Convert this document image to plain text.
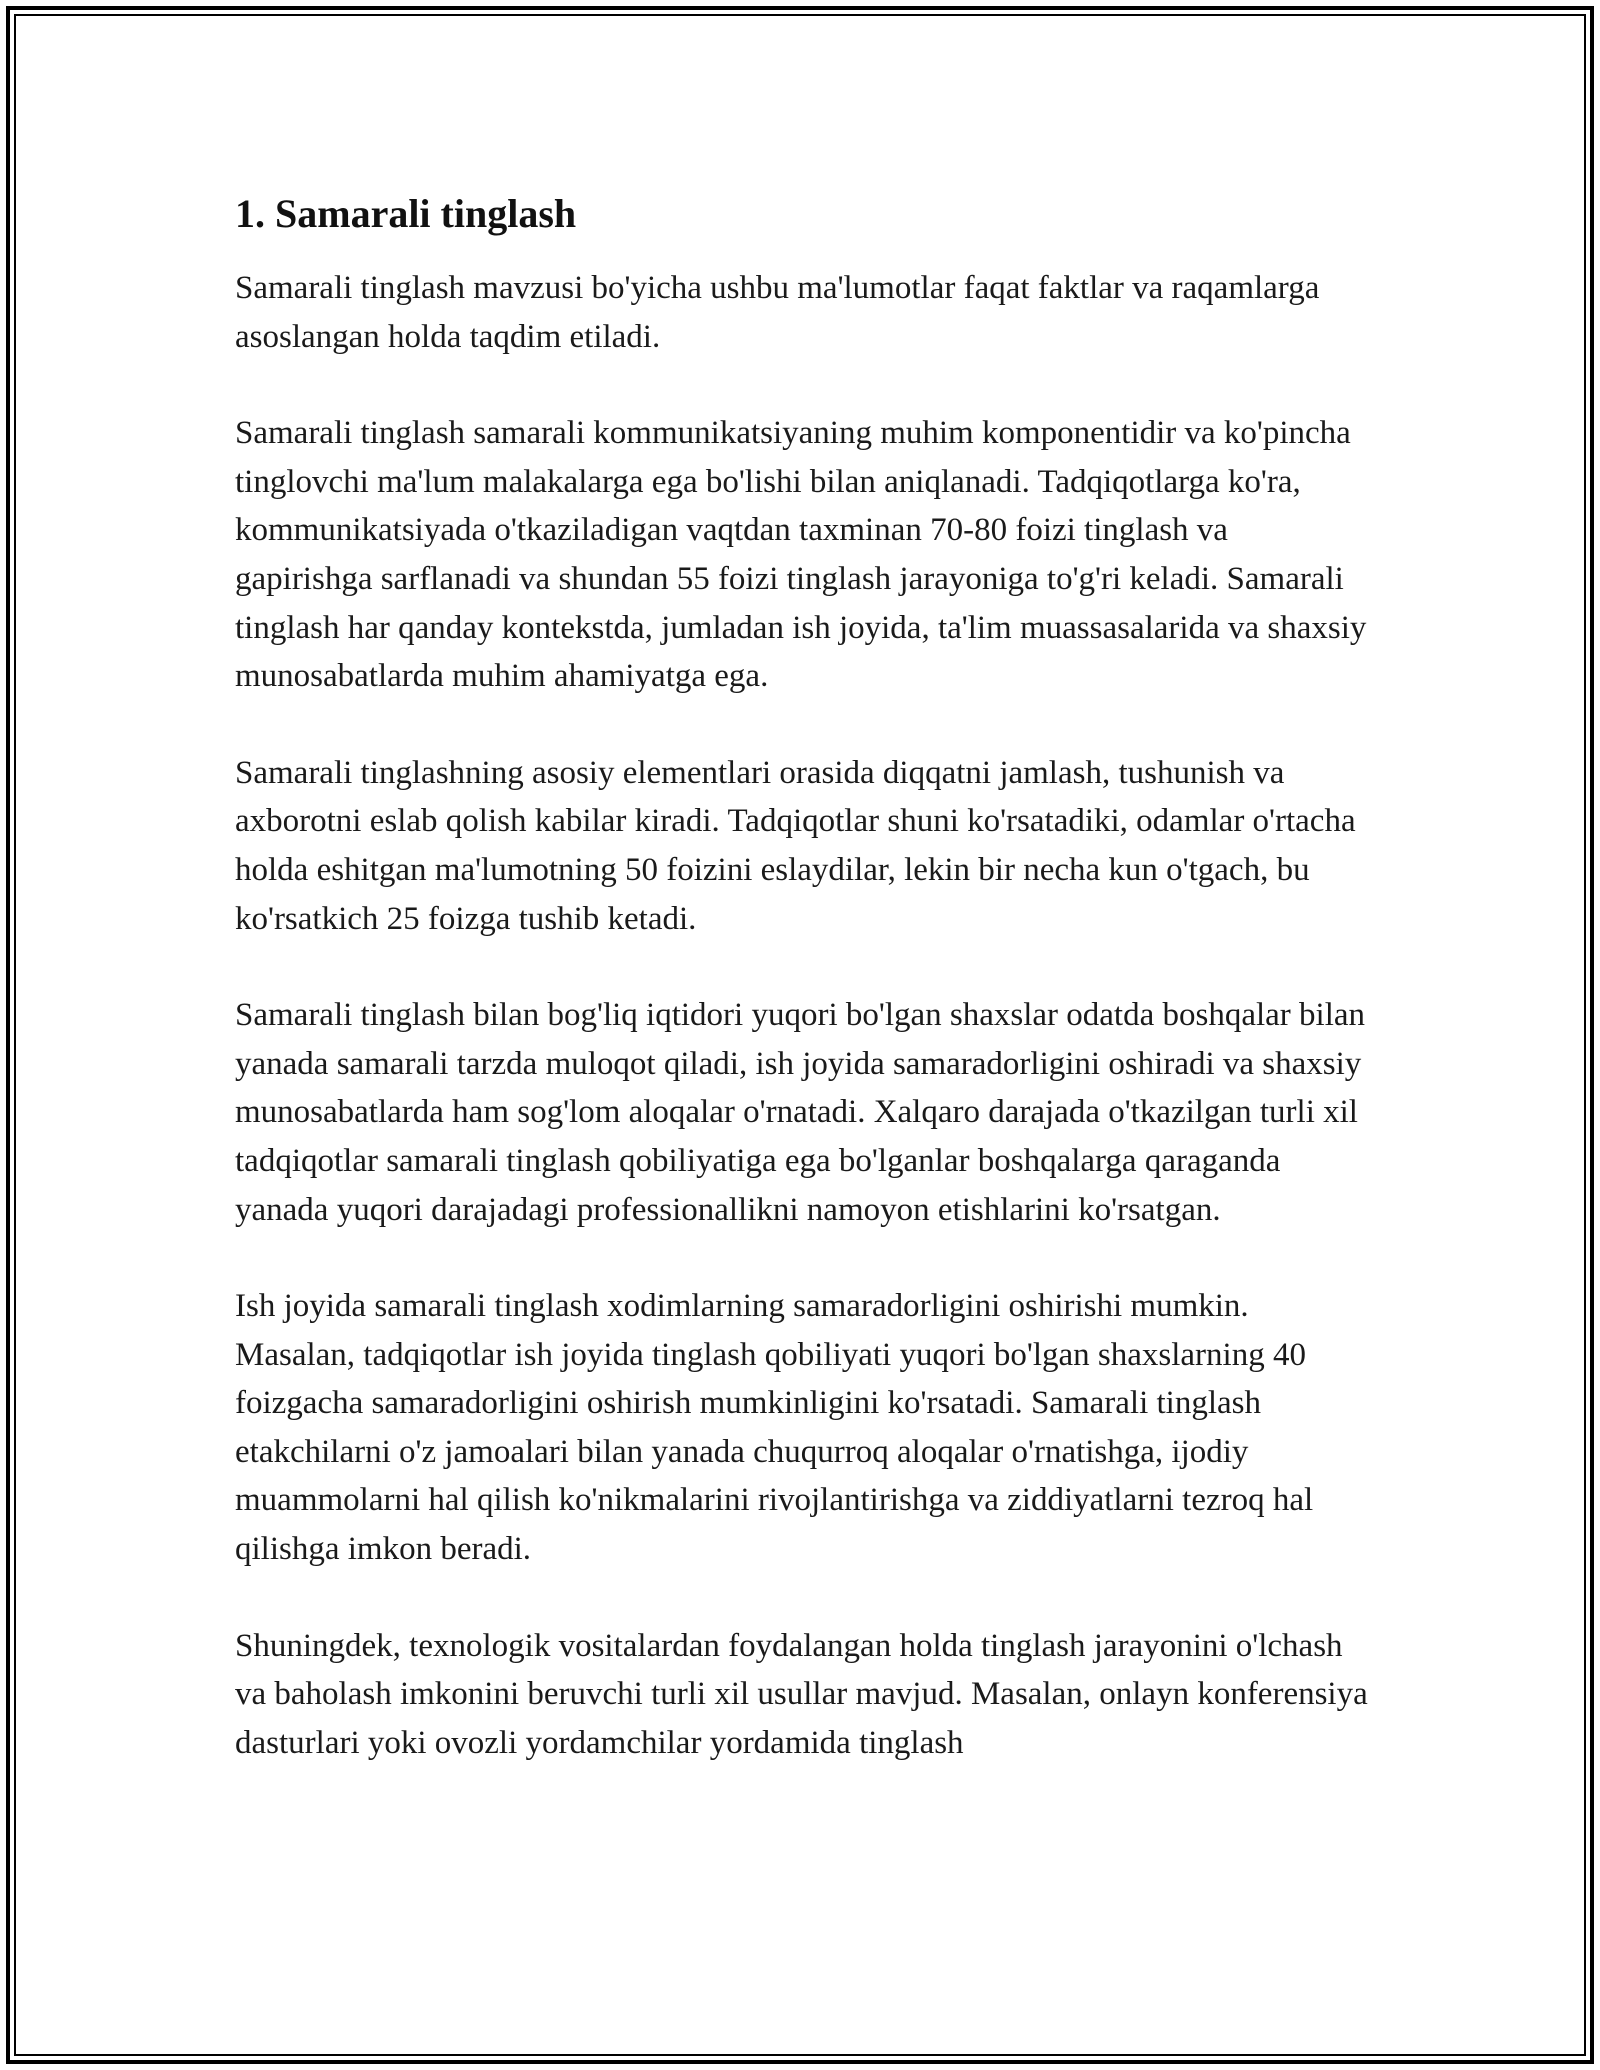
1. Samarali tinglash

Samarali tinglash mavzusi bo'yicha ushbu ma'lumotlar faqat faktlar va raqamlarga asoslangan holda taqdim etiladi.

Samarali tinglash samarali kommunikatsiyaning muhim komponentidir va ko'pincha tinglovchi ma'lum malakalarga ega bo'lishi bilan aniqlanadi. Tadqiqotlarga ko'ra, kommunikatsiyada o'tkaziladigan vaqtdan taxminan 70-80 foizi tinglash va gapirishga sarflanadi va shundan 55 foizi tinglash jarayoniga to'g'ri keladi. Samarali tinglash har qanday kontekstda, jumladan ish joyida, ta'lim muassasalarida va shaxsiy munosabatlarda muhim ahamiyatga ega.

Samarali tinglashning asosiy elementlari orasida diqqatni jamlash, tushunish va axborotni eslab qolish kabilar kiradi. Tadqiqotlar shuni ko'rsatadiki, odamlar o'rtacha holda eshitgan ma'lumotning 50 foizini eslaydilar, lekin bir necha kun o'tgach, bu ko'rsatkich 25 foizga tushib ketadi.

Samarali tinglash bilan bog'liq iqtidori yuqori bo'lgan shaxslar odatda boshqalar bilan yanada samarali tarzda muloqot qiladi, ish joyida samaradorligini oshiradi va shaxsiy munosabatlarda ham sog'lom aloqalar o'rnatadi. Xalqaro darajada o'tkazilgan turli xil tadqiqotlar samarali tinglash qobiliyatiga ega bo'lganlar boshqalarga qaraganda yanada yuqori darajadagi professionallikni namoyon etishlarini ko'rsatgan.

Ish joyida samarali tinglash xodimlarning samaradorligini oshirishi mumkin. Masalan, tadqiqotlar ish joyida tinglash qobiliyati yuqori bo'lgan shaxslarning 40 foizgacha samaradorligini oshirish mumkinligini ko'rsatadi. Samarali tinglash etakchilarni o'z jamoalari bilan yanada chuqurroq aloqalar o'rnatishga, ijodiy muammolarni hal qilish ko'nikmalarini rivojlantirishga va ziddiyatlarni tezroq hal qilishga imkon beradi.

Shuningdek, texnologik vositalardan foydalangan holda tinglash jarayonini o'lchash va baholash imkonini beruvchi turli xil usullar mavjud. Masalan, onlayn konferensiya dasturlari yoki ovozli yordamchilar yordamida tinglash
